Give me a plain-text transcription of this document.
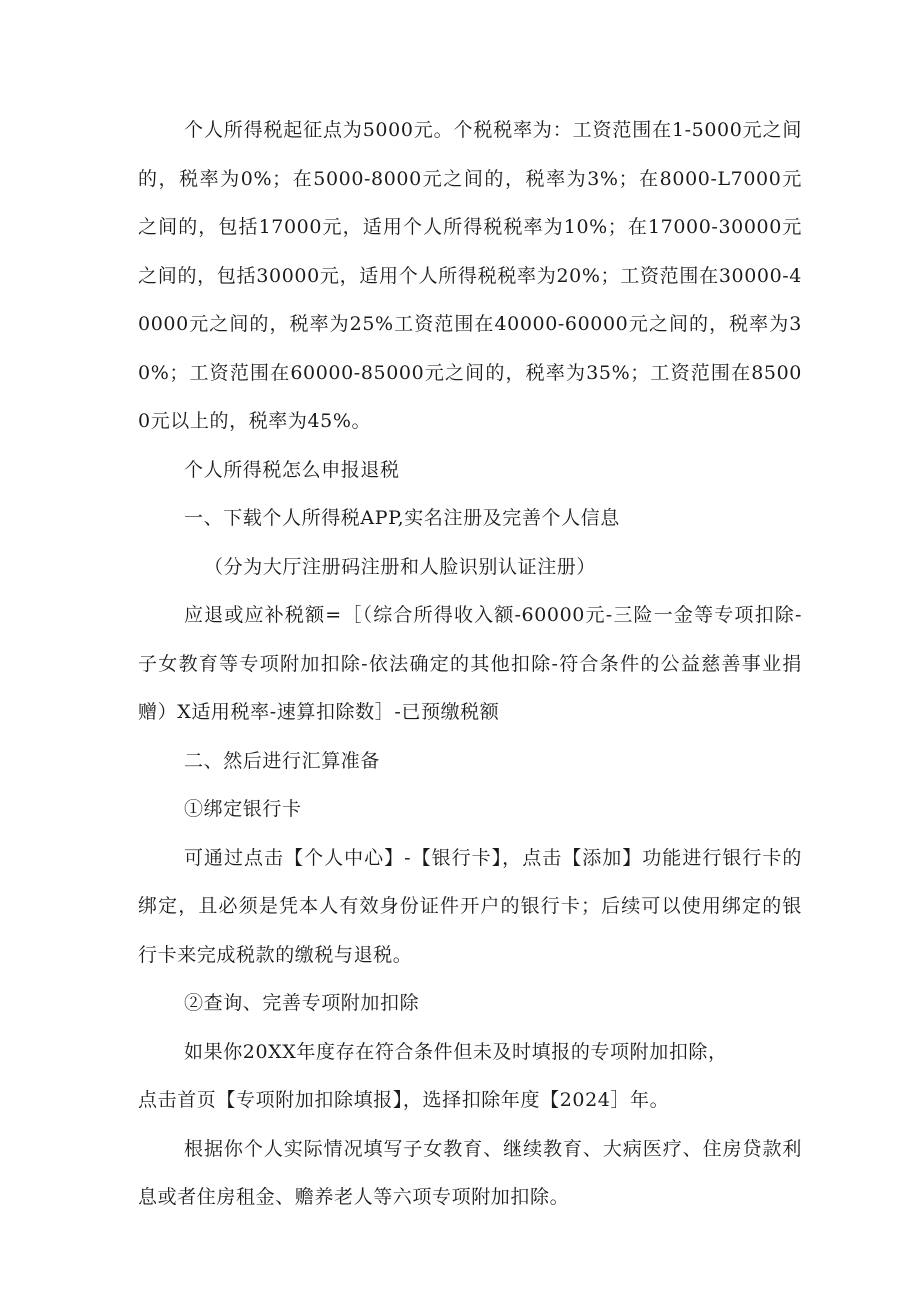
个人所得税起征点为5000元。个税税率为：工资范围在1-5000元之间的，税率为0%；在5000-8000元之间的，税率为3%；在8000-L7000元之间的，包括17000元，适用个人所得税税率为10%；在17000-30000元之间的，包括30000元，适用个人所得税税率为20%；工资范围在30000-40000元之间的，税率为25%工资范围在40000-60000元之间的，税率为30%；工资范围在60000-85000元之间的，税率为35%；工资范围在85000元以上的，税率为45%。

个人所得税怎么申报退税

一、下载个人所得税APP,实名注册及完善个人信息

（分为大厅注册码注册和人脸识别认证注册）

应退或应补税额=［（综合所得收入额-60000元-三险一金等专项扣除-子女教育等专项附加扣除-依法确定的其他扣除-符合条件的公益慈善事业捐赠）X适用税率-速算扣除数］-已预缴税额

二、然后进行汇算准备

①绑定银行卡

可通过点击【个人中心】-【银行卡】，点击【添加】功能进行银行卡的绑定，且必须是凭本人有效身份证件开户的银行卡；后续可以使用绑定的银行卡来完成税款的缴税与退税。

②查询、完善专项附加扣除

如果你20XX年度存在符合条件但未及时填报的专项附加扣除，

点击首页【专项附加扣除填报】，选择扣除年度【2024］年。

根据你个人实际情况填写子女教育、继续教育、大病医疗、住房贷款利息或者住房租金、赡养老人等六项专项附加扣除。
